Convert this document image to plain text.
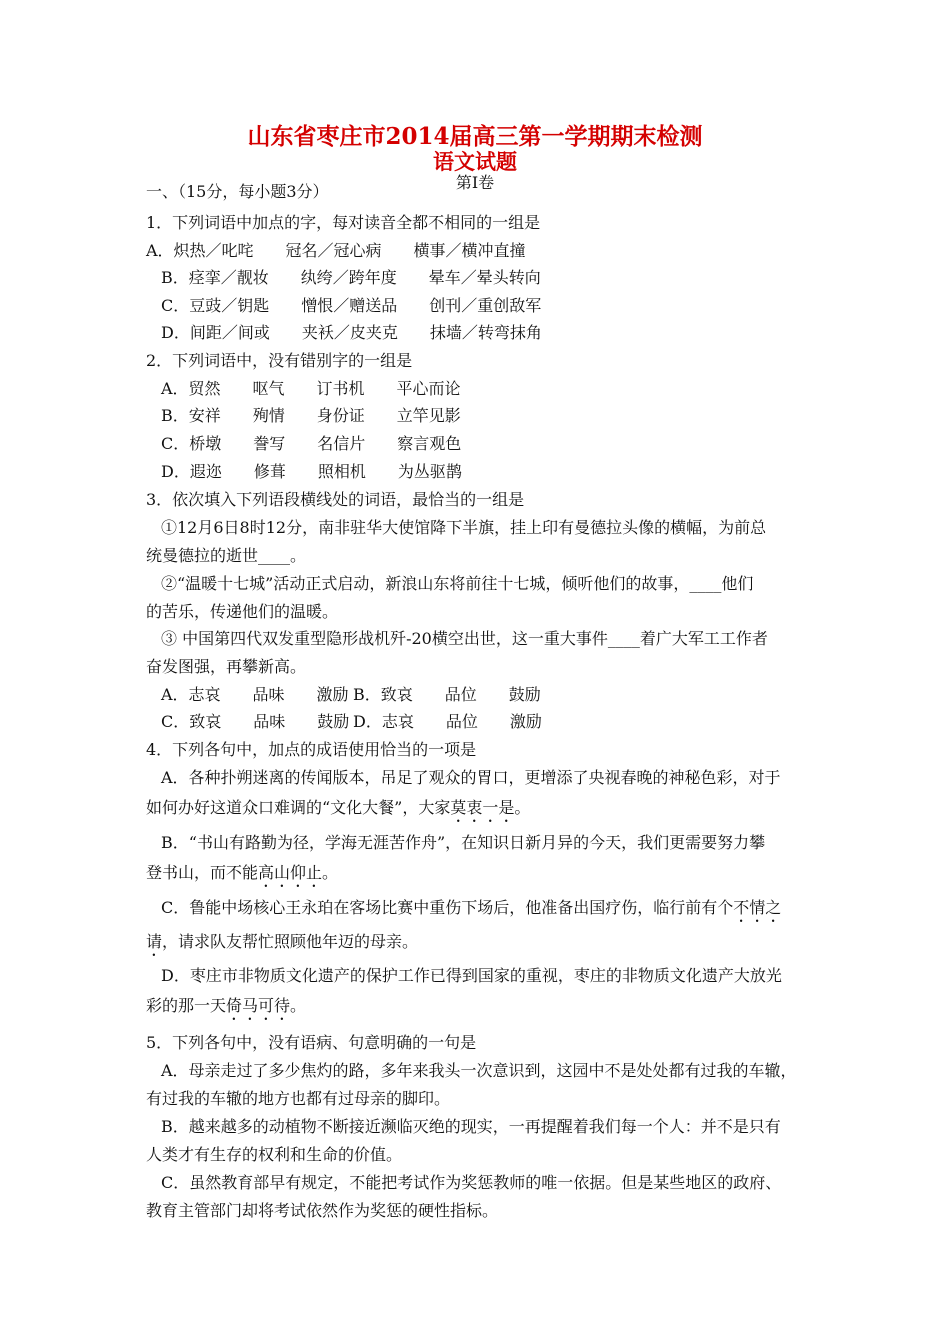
山东省枣庄市2014届高三第一学期期末检测
语文试题
第Ⅰ卷
一、（15分，每小题3分）
1．下列词语中加点的字，每对读音全都不相同的一组是
A．炽热／叱咤　　冠名／冠心病　　横事／横冲直撞
B．痉挛／靓妆　　纨绔／跨年度　　晕车／晕头转向
C．豆豉／钥匙　　憎恨／赠送品　　创刊／重创敌军
D．间距／间或　　夹袄／皮夹克　　抹墙／转弯抹角
2．下列词语中，没有错别字的一组是
A．贸然　　呕气　　订书机　　平心而论
B．安祥　　殉情　　身份证　　立竿见影
C．桥墩　　誊写　　名信片　　察言观色
D．遐迩　　修葺　　照相机　　为丛驱鹊
3．依次填入下列语段横线处的词语，最恰当的一组是
①12月6日8时12分，南非驻华大使馆降下半旗，挂上印有曼德拉头像的横幅，为前总
统曼德拉的逝世____。
②“温暖十七城”活动正式启动，新浪山东将前往十七城，倾听他们的故事，____他们
的苦乐，传递他们的温暖。
③ 中国第四代双发重型隐形战机歼-20横空出世，这一重大事件____着广大军工工作者
奋发图强，再攀新高。
A．志哀　　品味　　激励 B．致哀　　品位　　鼓励
C．致哀　　品味　　鼓励 D．志哀　　品位　　激励
4．下列各句中，加点的成语使用恰当的一项是
A．各种扑朔迷离的传闻版本，吊足了观众的胃口，更增添了央视春晚的神秘色彩，对于
如何办好这道众口难调的“文化大餐”，大家莫衷一是。
B．“书山有路勤为径，学海无涯苦作舟”，在知识日新月异的今天，我们更需要努力攀
登书山，而不能高山仰止。
C．鲁能中场核心王永珀在客场比赛中重伤下场后，他准备出国疗伤，临行前有个不情之
请，请求队友帮忙照顾他年迈的母亲。
D．枣庄市非物质文化遗产的保护工作已得到国家的重视，枣庄的非物质文化遗产大放光
彩的那一天倚马可待。
5．下列各句中，没有语病、句意明确的一句是
A．母亲走过了多少焦灼的路，多年来我头一次意识到，这园中不是处处都有过我的车辙，
有过我的车辙的地方也都有过母亲的脚印。
B．越来越多的动植物不断接近濒临灭绝的现实，一再提醒着我们每一个人：并不是只有
人类才有生存的权利和生命的价值。
C．虽然教育部早有规定，不能把考试作为奖惩教师的唯一依据。但是某些地区的政府、
教育主管部门却将考试依然作为奖惩的硬性指标。
